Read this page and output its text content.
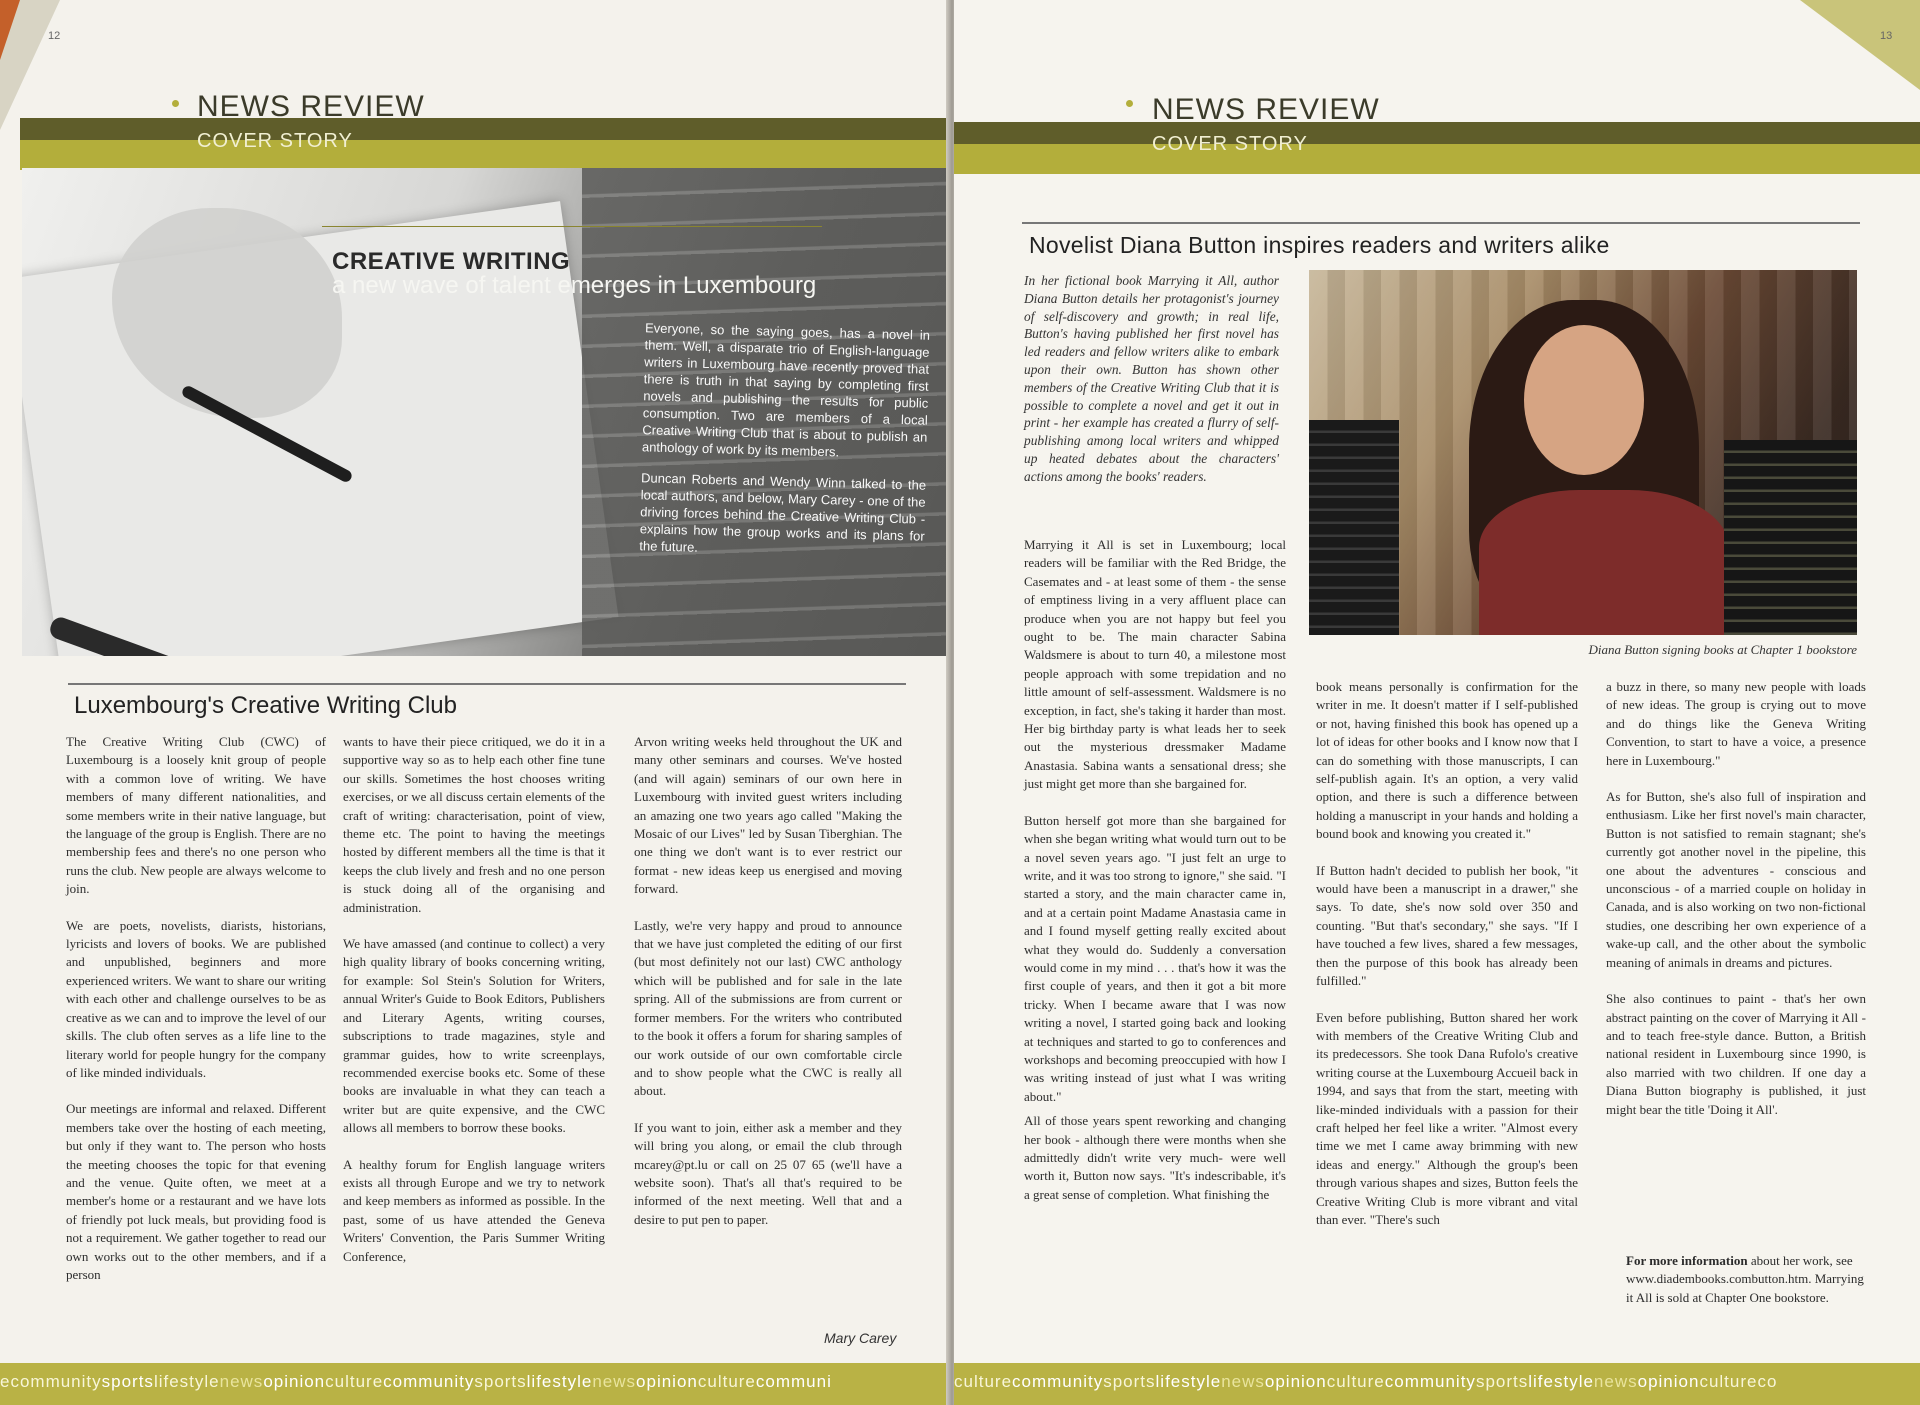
12
NEWS REVIEW
COVER STORY
CREATIVE WRITING
a new wave of talent emerges in Luxembourg

Everyone, so the saying goes, has a novel in them. Well, a disparate trio of English-language writers in Luxembourg have recently proved that there is truth in that saying by completing first novels and publishing the results for public consumption. Two are members of a local Creative Writing Club that is about to publish an anthology of work by its members.

Duncan Roberts and Wendy Winn talked to the local authors, and below, Mary Carey - one of the driving forces behind the Creative Writing Club - explains how the group works and its plans for the future.

Luxembourg's Creative Writing Club

The Creative Writing Club (CWC) of Luxembourg is a loosely knit group of people with a common love of writing. We have members of many different nationalities, and some members write in their native language, but the language of the group is English. There are no membership fees and there's no one person who runs the club. New people are always welcome to join.

We are poets, novelists, diarists, historians, lyricists and lovers of books. We are published and unpublished, beginners and more experienced writers. We want to share our writing with each other and challenge ourselves to be as creative as we can and to improve the level of our skills. The club often serves as a life line to the literary world for people hungry for the company of like minded individuals.

Our meetings are informal and relaxed. Different members take over the hosting of each meeting, but only if they want to. The person who hosts the meeting chooses the topic for that evening and the venue. Quite often, we meet at a member's home or a restaurant and we have lots of friendly pot luck meals, but providing food is not a requirement. We gather together to read our own works out to the other members, and if a person

wants to have their piece critiqued, we do it in a supportive way so as to help each other fine tune our skills. Sometimes the host chooses writing exercises, or we all discuss certain elements of the craft of writing: characterisation, point of view, theme etc. The point to having the meetings hosted by different members all the time is that it keeps the club lively and fresh and no one person is stuck doing all of the organising and administration.

We have amassed (and continue to collect) a very high quality library of books concerning writing, for example: Sol Stein's Solution for Writers, annual Writer's Guide to Book Editors, Publishers and Literary Agents, writing courses, subscriptions to trade magazines, style and grammar guides, how to write screenplays, recommended exercise books etc. Some of these books are invaluable in what they can teach a writer but are quite expensive, and the CWC allows all members to borrow these books.

A healthy forum for English language writers exists all through Europe and we try to network and keep members as informed as possible. In the past, some of us have attended the Geneva Writers' Convention, the Paris Summer Writing Conference,

Arvon writing weeks held throughout the UK and many other seminars and courses. We've hosted (and will again) seminars of our own here in Luxembourg with invited guest writers including an amazing one two years ago called "Making the Mosaic of our Lives" led by Susan Tiberghian. The one thing we don't want is to ever restrict our format - new ideas keep us energised and moving forward.

Lastly, we're very happy and proud to announce that we have just completed the editing of our first (but most definitely not our last) CWC anthology which will be published and for sale in the late spring. All of the submissions are from current or former members. For the writers who contributed to the book it offers a forum for sharing samples of our work outside of our own comfortable circle and to show people what the CWC is really all about.

If you want to join, either ask a member and they will bring you along, or email the club through mcarey@pt.lu or call on 25 07 65 (we'll have a website soon). That's all that's required to be informed of the next meeting. Well that and a desire to put pen to paper.

Mary Carey
ecommunitysportslifestylenewsopinionculturecommunitysportslifestylenewsopinionculturecommuni
13
NEWS REVIEW
COVER STORY
Novelist Diana Button inspires readers and writers alike
In her fictional book Marrying it All, author Diana Button details her protagonist's journey of self-discovery and growth; in real life, Button's having published her first novel has led readers and fellow writers alike to embark upon their own. Button has shown other members of the Creative Writing Club that it is possible to complete a novel and get it out in print - her example has created a flurry of self-publishing among local writers and whipped up heated debates about the characters' actions among the books' readers.
Diana Button signing books at Chapter 1 bookstore

Marrying it All is set in Luxembourg; local readers will be familiar with the Red Bridge, the Casemates and - at least some of them - the sense of emptiness living in a very affluent place can produce when you are not happy but feel you ought to be. The main character Sabina Waldsmere is about to turn 40, a milestone most people approach with some trepidation and no little amount of self-assessment. Waldsmere is no exception, in fact, she's taking it harder than most. Her big birthday party is what leads her to seek out the mysterious dressmaker Madame Anastasia. Sabina wants a sensational dress; she just might get more than she bargained for.

Button herself got more than she bargained for when she began writing what would turn out to be a novel seven years ago. "I just felt an urge to write, and it was too strong to ignore," she said. "I started a story, and the main character came in, and at a certain point Madame Anastasia came in and I found myself getting really excited about what they would do. Suddenly a conversation would come in my mind . . . that's how it was the first couple of years, and then it got a bit more tricky. When I became aware that I was now writing a novel, I started going back and looking at techniques and started to go to conferences and workshops and becoming preoccupied with how I was writing instead of just what I was writing about."

All of those years spent reworking and changing her book - although there were months when she admittedly didn't write very much- were well worth it, Button now says. "It's indescribable, it's a great sense of completion. What finishing the

book means personally is confirmation for the writer in me. It doesn't matter if I self-published or not, having finished this book has opened up a lot of ideas for other books and I know now that I can do something with those manuscripts, I can self-publish again. It's an option, a very valid option, and there is such a difference between holding a manuscript in your hands and holding a bound book and knowing you created it."

If Button hadn't decided to publish her book, "it would have been a manuscript in a drawer," she says. To date, she's now sold over 350 and counting. "But that's secondary," she says. "If I have touched a few lives, shared a few messages, then the purpose of this book has already been fulfilled."

Even before publishing, Button shared her work with members of the Creative Writing Club and its predecessors. She took Dana Rufolo's creative writing course at the Luxembourg Accueil back in 1994, and says that from the start, meeting with like-minded individuals with a passion for their craft helped her feel like a writer. "Almost every time we met I came away brimming with new ideas and energy." Although the group's been through various shapes and sizes, Button feels the Creative Writing Club is more vibrant and vital than ever. "There's such

a buzz in there, so many new people with loads of new ideas. The group is crying out to move and do things like the Geneva Writing Convention, to start to have a voice, a presence here in Luxembourg."

As for Button, she's also full of inspiration and enthusiasm. Like her first novel's main character, Button is not satisfied to remain stagnant; she's currently got another novel in the pipeline, this one about the adventures - conscious and unconscious - of a married couple on holiday in Canada, and is also working on two non-fictional studies, one describing her own experience of a wake-up call, and the other about the symbolic meaning of animals in dreams and pictures.

She also continues to paint - that's her own abstract painting on the cover of Marrying it All - and to teach free-style dance. Button, a British national resident in Luxembourg since 1990, is also married with two children. If one day a Diana Button biography is published, it just might bear the title 'Doing it All'.

For more information about her work, see www.diadembooks.combutton.htm. Marrying it All is sold at Chapter One bookstore.
culturecommunitysportslifestylenewsopinionculturecommunitysportslifestylenewsopinioncultureco
